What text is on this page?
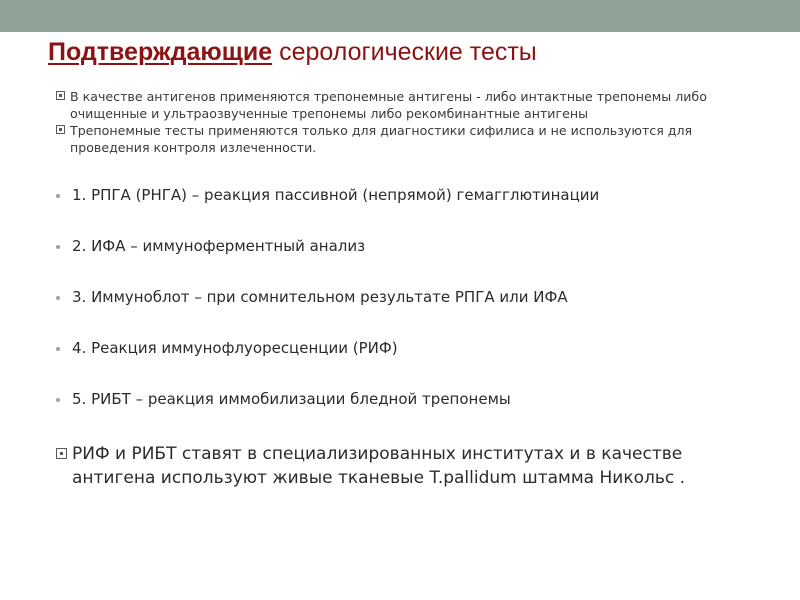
Подтверждающие серологические тесты
В качестве антигенов применяются трепонемные антигены - либо интактные трепонемы либо очищенные и ультраозвученные трепонемы либо рекомбинантные антигены
Трепонемные тесты применяются только для диагностики сифилиса и не используются для проведения контроля излеченности.
1. РПГА (РНГА) – реакция пассивной (непрямой) гемагглютинации
2. ИФА – иммуноферментный анализ
3. Иммуноблот – при сомнительном результате РПГА или ИФА
4. Реакция иммунофлуоресценции (РИФ)
5. РИБТ – реакция иммобилизации бледной трепонемы

РИФ и РИБТ ставят в специализированных институтах и в качестве антигена используют живые тканевые T.pallidum штамма Никольс .
